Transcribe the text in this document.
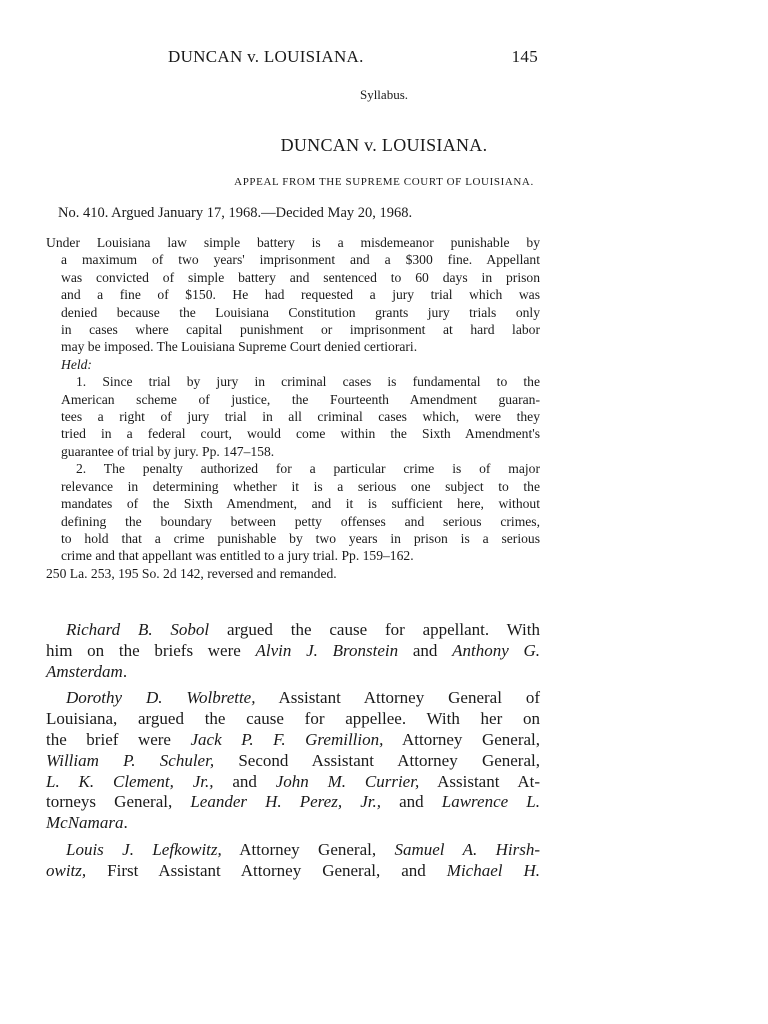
DUNCAN v. LOUISIANA.	145
Syllabus.
DUNCAN v. LOUISIANA.
APPEAL FROM THE SUPREME COURT OF LOUISIANA.
No. 410. Argued January 17, 1968.—Decided May 20, 1968.
Under Louisiana law simple battery is a misdemeanor punishable by
a maximum of two years' imprisonment and a $300 fine. Appellant
was convicted of simple battery and sentenced to 60 days in prison
and a fine of $150. He had requested a jury trial which was
denied because the Louisiana Constitution grants jury trials only
in cases where capital punishment or imprisonment at hard labor
may be imposed. The Louisiana Supreme Court denied certiorari.
Held:
1. Since trial by jury in criminal cases is fundamental to the
American scheme of justice, the Fourteenth Amendment guaran-
tees a right of jury trial in all criminal cases which, were they
tried in a federal court, would come within the Sixth Amendment's
guarantee of trial by jury. Pp. 147–158.
2. The penalty authorized for a particular crime is of major
relevance in determining whether it is a serious one subject to the
mandates of the Sixth Amendment, and it is sufficient here, without
defining the boundary between petty offenses and serious crimes,
to hold that a crime punishable by two years in prison is a serious
crime and that appellant was entitled to a jury trial. Pp. 159–162.
250 La. 253, 195 So. 2d 142, reversed and remanded.
Richard B. Sobol argued the cause for appellant. With
him on the briefs were Alvin J. Bronstein and Anthony G.
Amsterdam.
Dorothy D. Wolbrette, Assistant Attorney General of
Louisiana, argued the cause for appellee. With her on
the brief were Jack P. F. Gremillion, Attorney General,
William P. Schuler, Second Assistant Attorney General,
L. K. Clement, Jr., and John M. Currier, Assistant At-
torneys General, Leander H. Perez, Jr., and Lawrence L.
McNamara.
Louis J. Lefkowitz, Attorney General, Samuel A. Hirsh-
owitz, First Assistant Attorney General, and Michael H.
